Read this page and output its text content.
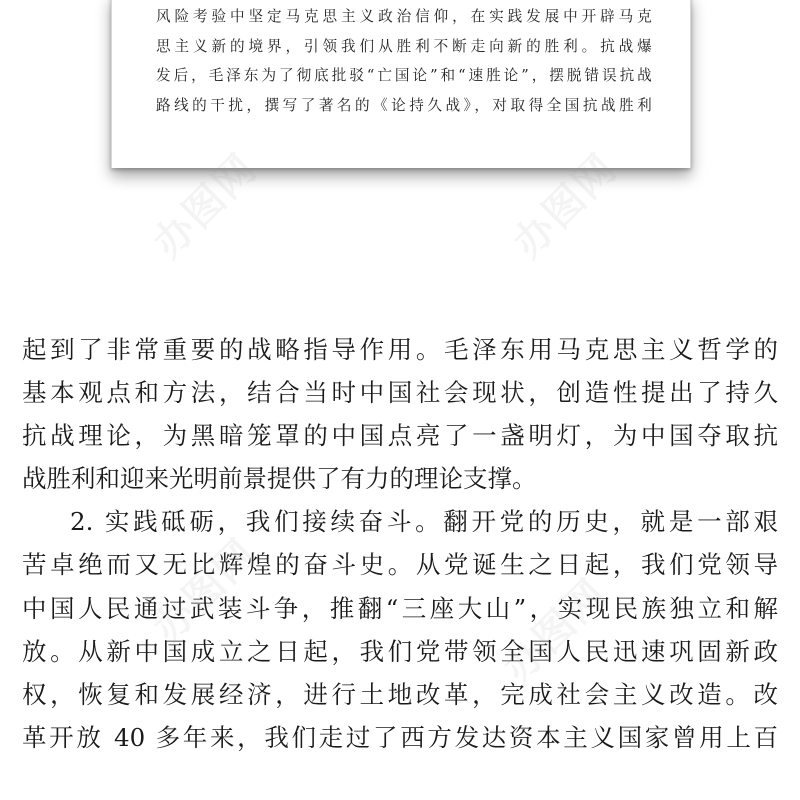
风险考验中坚定马克思主义政治信仰，在实践发展中开辟马克
思主义新的境界，引领我们从胜利不断走向新的胜利。抗战爆
发后，毛泽东为了彻底批驳“亡国论”和“速胜论”，摆脱错误抗战
路线的干扰，撰写了著名的《论持久战》，对取得全国抗战胜利
起到了非常重要的战略指导作用。毛泽东用马克思主义哲学的
基本观点和方法，结合当时中国社会现状，创造性提出了持久
抗战理论，为黑暗笼罩的中国点亮了一盏明灯，为中国夺取抗
战胜利和迎来光明前景提供了有力的理论支撑。
2. 实践砥砺，我们接续奋斗。翻开党的历史，就是一部艰
苦卓绝而又无比辉煌的奋斗史。从党诞生之日起，我们党领导
中国人民通过武装斗争，推翻“三座大山”，实现民族独立和解
放。从新中国成立之日起，我们党带领全国人民迅速巩固新政
权，恢复和发展经济，进行土地改革，完成社会主义改造。改
革开放 40 多年来，我们走过了西方发达资本主义国家曾用上百
办图网	办图网
办图网	办图网
